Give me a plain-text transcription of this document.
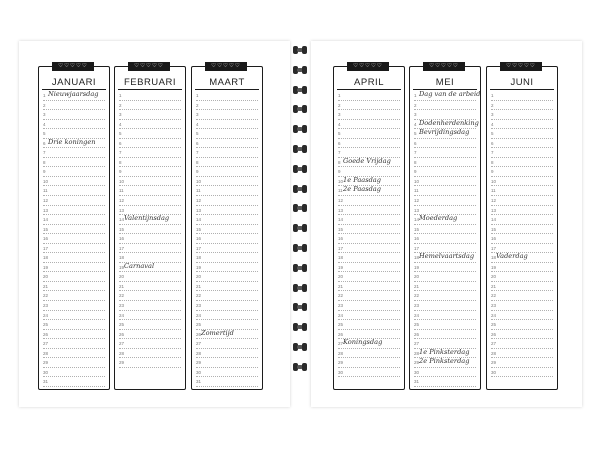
♡♡♡♡♡
JANUARI
1 Nieuwjaarsdag
2
3
4
5
6 Drie koningen
7
8
9
10
11
12
13
14
15
16
17
18
19
20
21
22
23
24
25
26
27
28
29
30
31
♡♡♡♡♡
FEBRUARI
1
2
3
4
5
6
7
8
9
10
11
12
13
14 Valentijnsdag
15
16
17
18
19 Carnaval
20
21
22
23
24
25
26
27
28
29
♡♡♡♡♡
MAART
1
2
3
4
5
6
7
8
9
10
11
12
13
14
15
16
17
18
19
20
21
22
23
24
25
26 Zomertijd
27
28
29
30
31
♡♡♡♡♡
APRIL
1
2
3
4
5
6
7
8 Goede Vrijdag
9
10 1e Paasdag
11 2e Paasdag
12
13
14
15
16
17
18
19
20
21
22
23
24
25
26
27 Koningsdag
28
29
30
♡♡♡♡♡
MEI
1 Dag van de arbeid
2
3
4 Dodenherdenking
5 Bevrijdingsdag
6
7
8
9
10
11
12
13
14 Moederdag
15
16
17
18 Hemelvaartsdag
19
20
21
22
23
24
25
26
27
28 1e Pinksterdag
29 2e Pinksterdag
30
31
♡♡♡♡♡
JUNI
1
2
3
4
5
6
7
8
9
10
11
12
13
14
15
16
17
18 Vaderdag
19
20
21
22
23
24
25
26
27
28
29
30
